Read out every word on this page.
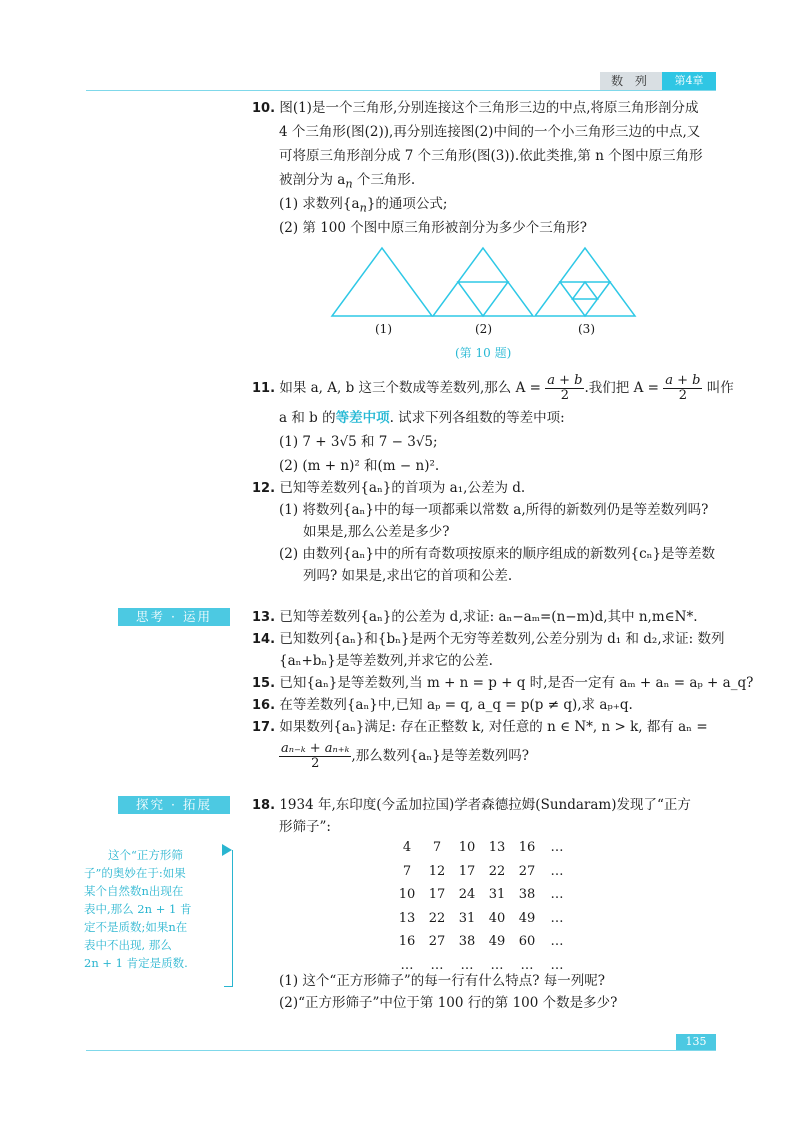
数 列	第4章
10. 图(1)是一个三角形,分别连接这个三角形三边的中点,将原三角形剖分成
4 个三角形(图(2)),再分别连接图(2)中间的一个小三角形三边的中点,又
可将原三角形剖分成 7 个三角形(图(3)).依此类推,第 n 个图中原三角形
被剖分为 $a_n$ 个三角形.
(1) 求数列$\{a_n\}$的通项公式;
(2) 第 100 个图中原三角形被剖分为多少个三角形?
(1)	(2)	(3)
(第 10 题)
11. 如果 a, A, b 这三个数成等差数列,那么 $A = \frac{a + b}{2}$ .我们把 $A = \frac{a + b}{2}$ 叫作
a 和 b 的等差中项. 试求下列各组数的等差中项:
(1) 7 + 3√5 和 7 − 3√5;
(2) (m + n)² 和(m − n)².
12. 已知等差数列{aₙ}的首项为 a₁,公差为 d.
(1) 将数列{aₙ}中的每一项都乘以常数 a,所得的新数列仍是等差数列吗?
如果是,那么公差是多少?
(2) 由数列{aₙ}中的所有奇数项按原来的顺序组成的新数列{cₙ}是等差数
列吗? 如果是,求出它的首项和公差.
思考 · 运用	13. 已知等差数列{aₙ}的公差为 d,求证: aₙ−aₘ=(n−m)d,其中 n,m∈N*.
14. 已知数列{aₙ}和{bₙ}是两个无穷等差数列,公差分别为 d₁ 和 d₂,求证: 数列
{aₙ+bₙ}是等差数列,并求它的公差.
15. 已知{aₙ}是等差数列,当 m + n = p + q 时,是否一定有 aₘ + aₙ = aₚ + a_q?
16. 在等差数列{aₙ}中,已知 aₚ = q, a_q = p(p ≠ q),求 aₚ₊q.
17. 如果数列{aₙ}满足: 存在正整数 k, 对任意的 n ∈ N*, n > k, 都有 aₙ =
$\frac{\text{aₙ₋ₖ + aₙ₊ₖ}}{2}$ ,那么数列{aₙ}是等差数列吗?
探究 · 拓展	18. 1934 年,东印度(今孟加拉国)学者森德拉姆(Sundaram)发现了“正方
形筛子”:
4	7	10	13	16	…
7	12	17	22	27	…
10	17	24	31	38	…
13	22	31	40	49	…
16	27	38	49	60	…
…	…	…	…	…	…
(1) 这个“正方形筛子”的每一行有什么特点? 每一列呢?
(2)“正方形筛子”中位于第 100 行的第 100 个数是多少?
这个“正方形筛
子”的奥妙在于:如果
某个自然数n出现在
表中,那么 2n + 1 肯
定不是质数;如果n在
表中不出现, 那么
2n + 1 肯定是质数.
135
